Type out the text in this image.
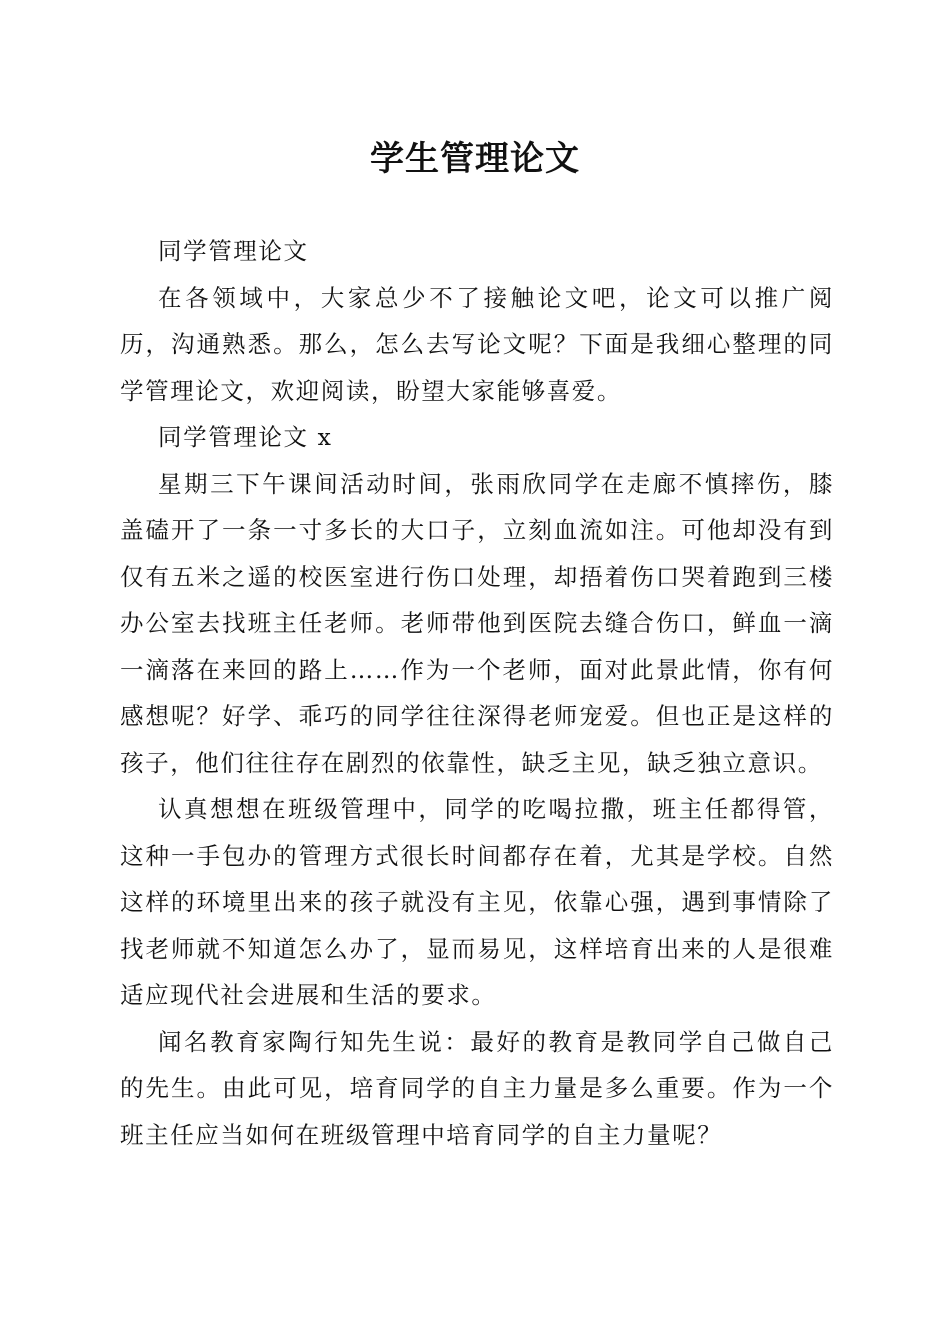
学生管理论文

同学管理论文

在各领域中，大家总少不了接触论文吧，论文可以推广阅历，沟通熟悉。那么，怎么去写论文呢？下面是我细心整理的同学管理论文，欢迎阅读，盼望大家能够喜爱。

同学管理论文 x

星期三下午课间活动时间，张雨欣同学在走廊不慎摔伤，膝盖磕开了一条一寸多长的大口子，立刻血流如注。可他却没有到仅有五米之遥的校医室进行伤口处理，却捂着伤口哭着跑到三楼办公室去找班主任老师。老师带他到医院去缝合伤口，鲜血一滴一滴落在来回的路上……作为一个老师，面对此景此情，你有何感想呢？好学、乖巧的同学往往深得老师宠爱。但也正是这样的孩子，他们往往存在剧烈的依靠性，缺乏主见，缺乏独立意识。

认真想想在班级管理中，同学的吃喝拉撒，班主任都得管，这种一手包办的管理方式很长时间都存在着，尤其是学校。自然这样的环境里出来的孩子就没有主见，依靠心强，遇到事情除了找老师就不知道怎么办了，显而易见，这样培育出来的人是很难适应现代社会进展和生活的要求。

闻名教育家陶行知先生说：最好的教育是教同学自己做自己的先生。由此可见，培育同学的自主力量是多么重要。作为一个班主任应当如何在班级管理中培育同学的自主力量呢？
